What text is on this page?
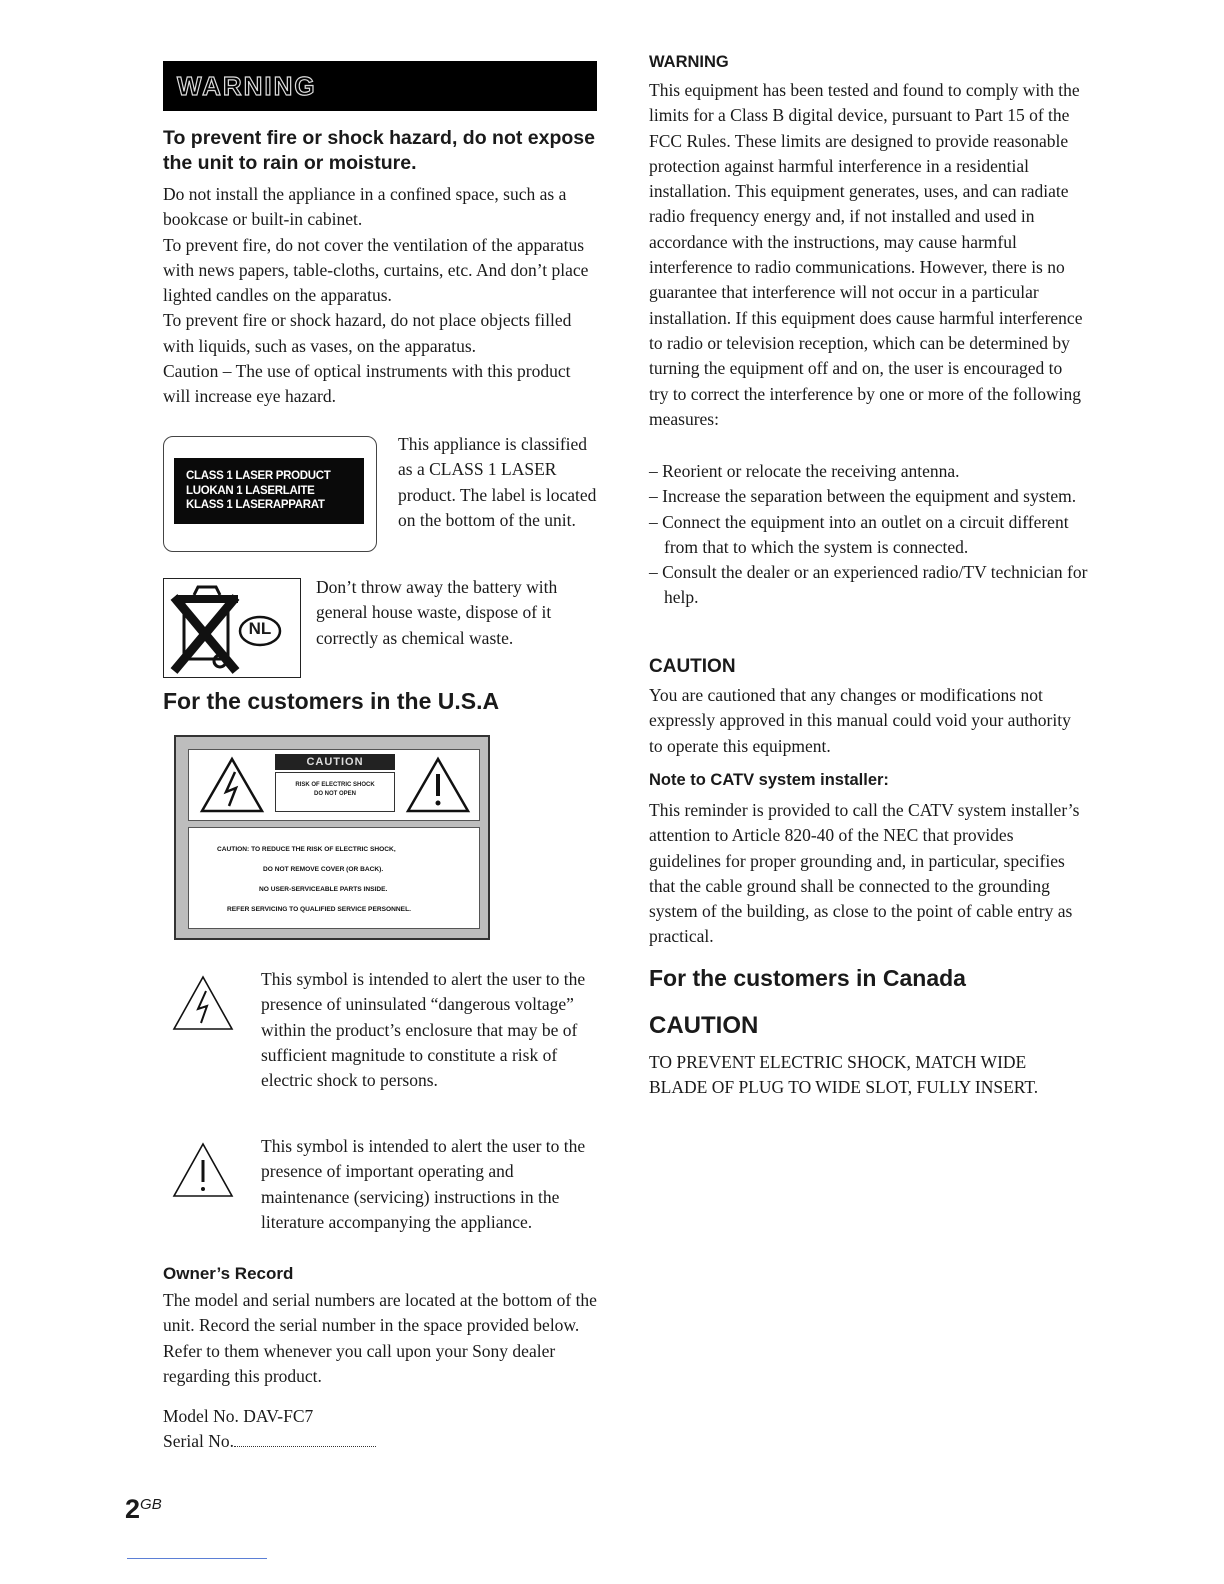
WARNING
To prevent fire or shock hazard, do not expose the unit to rain or moisture.

Do not install the appliance in a confined space, such as a bookcase or built-in cabinet.

To prevent fire, do not cover the ventilation of the apparatus with news papers, table-cloths, curtains, etc. And don’t place lighted candles on the apparatus.

To prevent fire or shock hazard, do not place objects filled with liquids, such as vases, on the apparatus.

Caution – The use of optical instruments with this product will increase eye hazard.

CLASS 1 LASER PRODUCT
LUOKAN 1 LASERLAITE
KLASS 1 LASERAPPARAT
This appliance is classified as a CLASS 1 LASER product. The label is located on the bottom of the unit.
NL
Don’t throw away the battery with general house waste, dispose of it correctly as chemical waste.
For the customers in the U.S.A
CAUTION
RISK OF ELECTRIC SHOCK
DO NOT OPEN
CAUTION: TO REDUCE THE RISK OF ELECTRIC SHOCK,
DO NOT REMOVE COVER (OR BACK).
NO USER-SERVICEABLE PARTS INSIDE.
REFER SERVICING TO QUALIFIED SERVICE PERSONNEL.
This symbol is intended to alert the user to the presence of uninsulated “dangerous voltage” within the product’s enclosure that may be of sufficient magnitude to constitute a risk of electric shock to persons.
This symbol is intended to alert the user to the presence of important operating and maintenance (servicing) instructions in the literature accompanying the appliance.
Owner’s Record
The model and serial numbers are located at the bottom of the unit. Record the serial number in the space provided below. Refer to them whenever you call upon your Sony dealer regarding this product.
Model No. DAV-FC7
Serial No.
$2^{GB}$
WARNING
This equipment has been tested and found to comply with the limits for a Class B digital device, pursuant to Part 15 of the FCC Rules. These limits are designed to provide reasonable protection against harmful interference in a residential installation. This equipment generates, uses, and can radiate radio frequency energy and, if not installed and used in accordance with the instructions, may cause harmful interference to radio communications. However, there is no guarantee that interference will not occur in a particular installation. If this equipment does cause harmful interference to radio or television reception, which can be determined by turning the equipment off and on, the user is encouraged to try to correct the interference by one or more of the following measures:

– Reorient or relocate the receiving antenna.

– Increase the separation between the equipment and system.

– Connect the equipment into an outlet on a circuit different from that to which the system is connected.

– Consult the dealer or an experienced radio/TV technician for help.

CAUTION
You are cautioned that any changes or modifications not expressly approved in this manual could void your authority to operate this equipment.
Note to CATV system installer:
This reminder is provided to call the CATV system installer’s attention to Article 820-40 of the NEC that provides guidelines for proper grounding and, in particular, specifies that the cable ground shall be connected to the grounding system of the building, as close to the point of cable entry as practical.
For the customers in Canada
CAUTION
TO PREVENT ELECTRIC SHOCK, MATCH WIDE BLADE OF PLUG TO WIDE SLOT, FULLY INSERT.
